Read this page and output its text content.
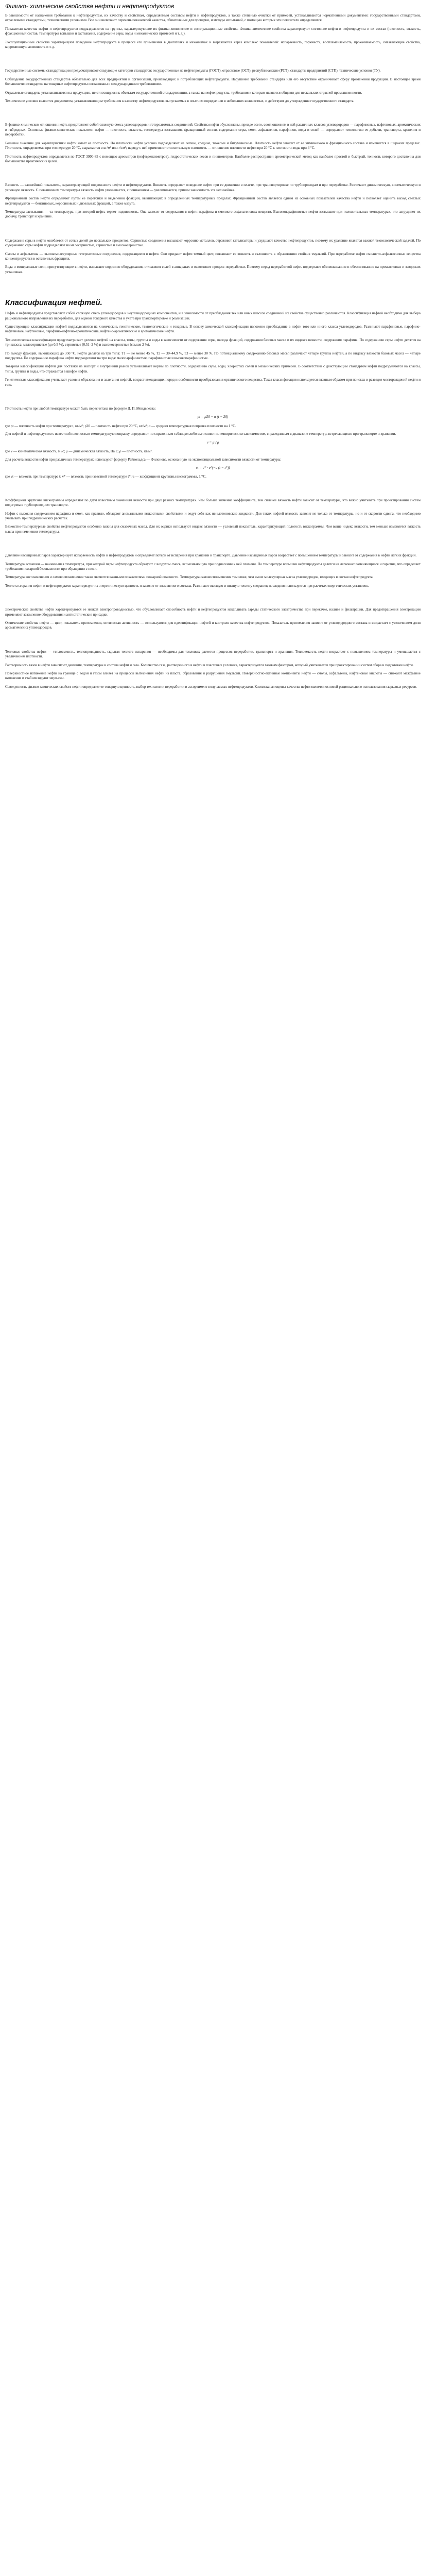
Физико- химические свойства нефти и нефтепродуктов

В зависимости от назначения требования к нефтепродуктам, их качеству и свойствам, определяемым составом нефти и нефтепродуктов, а также степенью очистки от примесей, устанавливаются нормативными документами: государственными стандартами, отраслевыми стандартами, техническими условиями. Все они включают перечень показателей качества, обязательных для проверки, и методы испытаний, с помощью которых эти показатели определяются.

Показатели качества нефти и нефтепродуктов подразделяются на группы, характеризующие их физико-химические и эксплуатационные свойства. Физико-химические свойства характеризуют состояние нефти и нефтепродукта и их состав (плотность, вязкость, фракционный состав, температуры вспышки и застывания, содержание серы, воды и механических примесей и т. д.).

Эксплуатационные свойства характеризуют поведение нефтепродукта в процессе его применения в двигателях и механизмах и выражаются через комплекс показателей: испаряемость, горючесть, воспламеняемость, прокачиваемость, смазывающие свойства, коррозионную активность и т. д.

Государственные системы стандартизации предусматривают следующие категории стандартов: государственные на нефтепродукты (ГОСТ), отраслевые (ОСТ), республиканские (РСТ), стандарты предприятий (СТП), технические условия (ТУ).

Соблюдение государственных стандартов обязательно для всех предприятий и организаций, производящих и потребляющих нефтепродукты. Нарушение требований стандарта или его отсутствие ограничивает сферу применения продукции. В настоящее время большинство стандартов на товарные нефтепродукты согласованы с международными требованиями.

Отраслевые стандарты устанавливаются на продукцию, не относящуюся к объектам государственной стандартизации, а также на нефтепродукты, требования к которым являются общими для нескольких отраслей промышленности.

Технические условия являются документом, устанавливающим требования к качеству нефтепродуктов, выпускаемых в опытном порядке или в небольших количествах, и действуют до утверждения государственного стандарта.

В физико-химическом отношении нефть представляет собой сложную смесь углеводородов и гетероатомных соединений. Свойства нефти обусловлены, прежде всего, соотношением в ней различных классов углеводородов — парафиновых, нафтеновых, ароматических и гибридных. Основные физико-химические показатели нефти — плотность, вязкость, температура застывания, фракционный состав, содержание серы, смол, асфальтенов, парафинов, воды и солей — определяют технологию ее добычи, транспорта, хранения и переработки.

Большое значение для характеристики нефти имеет ее плотность. По плотности нефти условно подразделяют на легкие, средние, тяжелые и битуминозные. Плотность нефти зависит от ее химического и фракционного состава и изменяется в широких пределах. Плотность, определяемая при температуре 20 °С, выражается в кг/м³ или г/см³; наряду с ней применяют относительную плотность — отношение плотности нефти при 20 °С к плотности воды при 4 °С.

Плотность нефтепродуктов определяется по ГОСТ 3900-85 с помощью ареометров (нефтеденсиметров), гидростатических весов и пикнометров. Наиболее распространен ареометрический метод как наиболее простой и быстрый, точность которого достаточна для большинства практических целей.

Вязкость — важнейший показатель, характеризующий подвижность нефти и нефтепродуктов. Вязкость определяет поведение нефти при ее движении в пласте, при транспортировке по трубопроводам и при переработке. Различают динамическую, кинематическую и условную вязкость. С повышением температуры вязкость нефти уменьшается, с понижением — увеличивается, причем зависимость эта нелинейная.

Фракционный состав нефти определяют путем ее перегонки и выделения фракций, выкипающих в определенных температурных пределах. Фракционный состав является одним из основных показателей качества нефти и позволяет оценить выход светлых нефтепродуктов — бензиновых, керосиновых и дизельных фракций, а также мазута.

Температура застывания — та температура, при которой нефть теряет подвижность. Она зависит от содержания в нефти парафина и смолисто-асфальтеновых веществ. Высокопарафинистые нефти застывают при положительных температурах, что затрудняет их добычу, транспорт и хранение.

Содержание серы в нефти колеблется от сотых долей до нескольких процентов. Сернистые соединения вызывают коррозию металлов, отравляют катализаторы и ухудшают качество нефтепродуктов, поэтому их удаление является важной технологической задачей. По содержанию серы нефти подразделяют на малосернистые, сернистые и высокосернистые.

Смолы и асфальтены — высокомолекулярные гетероатомные соединения, содержащиеся в нефти. Они придают нефти темный цвет, повышают ее вязкость и склонность к образованию стойких эмульсий. При переработке нефти смолисто-асфальтеновые вещества концентрируются в остаточных фракциях.

Вода и минеральные соли, присутствующие в нефти, вызывают коррозию оборудования, отложения солей в аппаратах и осложняют процесс переработки. Поэтому перед переработкой нефть подвергают обезвоживанию и обессоливанию на промысловых и заводских установках.

Классификация нефтей.

Нефть и нефтепродукты представляют собой сложную смесь углеводородов и неуглеводородных компонентов, и в зависимости от преобладания тех или иных классов соединений их свойства существенно различаются. Классификация нефтей необходима для выбора рационального направления их переработки, для оценки товарного качества и учета при транспортировке и реализации.

Существующие классификации нефтей подразделяются на химические, генетические, технологические и товарные. В основу химической классификации положено преобладание в нефти того или иного класса углеводородов. Различают парафиновые, парафино-нафтеновые, нафтеновые, парафино-нафтено-ароматические, нафтено-ароматические и ароматические нефти.

Технологическая классификация предусматривает деление нефтей на классы, типы, группы и виды в зависимости от содержания серы, выхода фракций, содержания базовых масел и их индекса вязкости, содержания парафина. По содержанию серы нефти делятся на три класса: малосернистые (до 0,5 %), сернистые (0,51–2 %) и высокосернистые (свыше 2 %).

По выходу фракций, выкипающих до 350 °С, нефти делятся на три типа: Т1 — не менее 45 %, Т2 — 30–44,9 %, Т3 — менее 30 %. По потенциальному содержанию базовых масел различают четыре группы нефтей, а по индексу вязкости базовых масел — четыре подгруппы. По содержанию парафина нефти подразделяют на три вида: малопарафинистые, парафинистые и высокопарафинистые.

Товарная классификация нефтей для поставки на экспорт и внутренний рынок устанавливает нормы по плотности, содержанию серы, воды, хлористых солей и механических примесей. В соответствии с действующим стандартом нефти подразделяются на классы, типы, группы и виды, что отражается в шифре нефти.

Генетическая классификация учитывает условия образования и залегания нефтей, возраст вмещающих пород и особенности преобразования органического вещества. Такая классификация используется главным образом при поисках и разведке месторождений нефти и газа.

Плотность нефти при любой температуре может быть пересчитана по формуле Д. И. Менделеева:

ρt = ρ20 − α (t − 20)

где ρt — плотность нефти при температуре t, кг/м³; ρ20 — плотность нефти при 20 °С, кг/м³; α — средняя температурная поправка плотности на 1 °С.

Для нефтей и нефтепродуктов с известной плотностью температурную поправку определяют по справочным таблицам либо вычисляют по эмпирическим зависимостям, справедливым в диапазоне температур, встречающихся при транспорте и хранении.

ν = μ / ρ

где ν — кинематическая вязкость, м²/с; μ — динамическая вязкость, Па·с; ρ — плотность, кг/м³.

Для расчета вязкости нефти при различных температурах используют формулу Рейнольдса — Филонова, основанную на экспоненциальной зависимости вязкости от температуры:

νt = ν* · e^(−u (t − t*))

где νt — вязкость при температуре t; ν* — вязкость при известной температуре t*; u — коэффициент крутизны вискограммы, 1/°С.

Коэффициент крутизны вискограммы определяют по двум известным значениям вязкости при двух разных температурах. Чем больше значение коэффициента, тем сильнее вязкость нефти зависит от температуры, что важно учитывать при проектировании систем подогрева в трубопроводном транспорте.

Нефти с высоким содержанием парафина и смол, как правило, обладают аномальными вязкостными свойствами и ведут себя как неньютоновские жидкости. Для таких нефтей вязкость зависит не только от температуры, но и от скорости сдвига, что необходимо учитывать при гидравлических расчетах.

Вязкостно-температурные свойства нефтепродуктов особенно важны для смазочных масел. Для их оценки используют индекс вязкости — условный показатель, характеризующий пологость вискограммы. Чем выше индекс вязкости, тем меньше изменяется вязкость масла при изменении температуры.

Давление насыщенных паров характеризует испаряемость нефти и нефтепродуктов и определяет потери от испарения при хранении и транспорте. Давление насыщенных паров возрастает с повышением температуры и зависит от содержания в нефти легких фракций.

Температура вспышки — наименьшая температура, при которой пары нефтепродукта образуют с воздухом смесь, вспыхивающую при поднесении к ней пламени. По температуре вспышки нефтепродукты делятся на легковоспламеняющиеся и горючие, что определяет требования пожарной безопасности при обращении с ними.

Температура воспламенения и самовоспламенения также являются важными показателями пожарной опасности. Температура самовоспламенения тем ниже, чем выше молекулярная масса углеводородов, входящих в состав нефтепродукта.

Теплота сгорания нефти и нефтепродуктов характеризует их энергетическую ценность и зависит от элементного состава. Различают высшую и низшую теплоту сгорания; последняя используется при расчетах энергетических установок.

Электрические свойства нефти характеризуются ее низкой электропроводностью, что обусловливает способность нефти и нефтепродуктов накапливать заряды статического электричества при перекачке, наливе и фильтрации. Для предотвращения электризации применяют заземление оборудования и антистатические присадки.

Оптические свойства нефти — цвет, показатель преломления, оптическая активность — используются для идентификации нефтей и контроля качества нефтепродуктов. Показатель преломления зависит от углеводородного состава и возрастает с увеличением доли ароматических углеводородов.

Тепловые свойства нефти — теплоемкость, теплопроводность, скрытая теплота испарения — необходимы для тепловых расчетов процессов переработки, транспорта и хранения. Теплоемкость нефти возрастает с повышением температуры и уменьшается с увеличением плотности.

Растворимость газов в нефти зависит от давления, температуры и состава нефти и газа. Количество газа, растворенного в нефти в пластовых условиях, характеризуется газовым фактором, который учитывается при проектировании систем сбора и подготовки нефти.

Поверхностное натяжение нефти на границе с водой и газом влияет на процессы вытеснения нефти из пласта, образования и разрушения эмульсий. Поверхностно-активные компоненты нефти — смолы, асфальтены, нафтеновые кислоты — снижают межфазное натяжение и стабилизируют эмульсии.

Совокупность физико-химических свойств нефти определяет ее товарную ценность, выбор технологии переработки и ассортимент получаемых нефтепродуктов. Комплексная оценка качества нефти является основой рационального использования сырьевых ресурсов.
